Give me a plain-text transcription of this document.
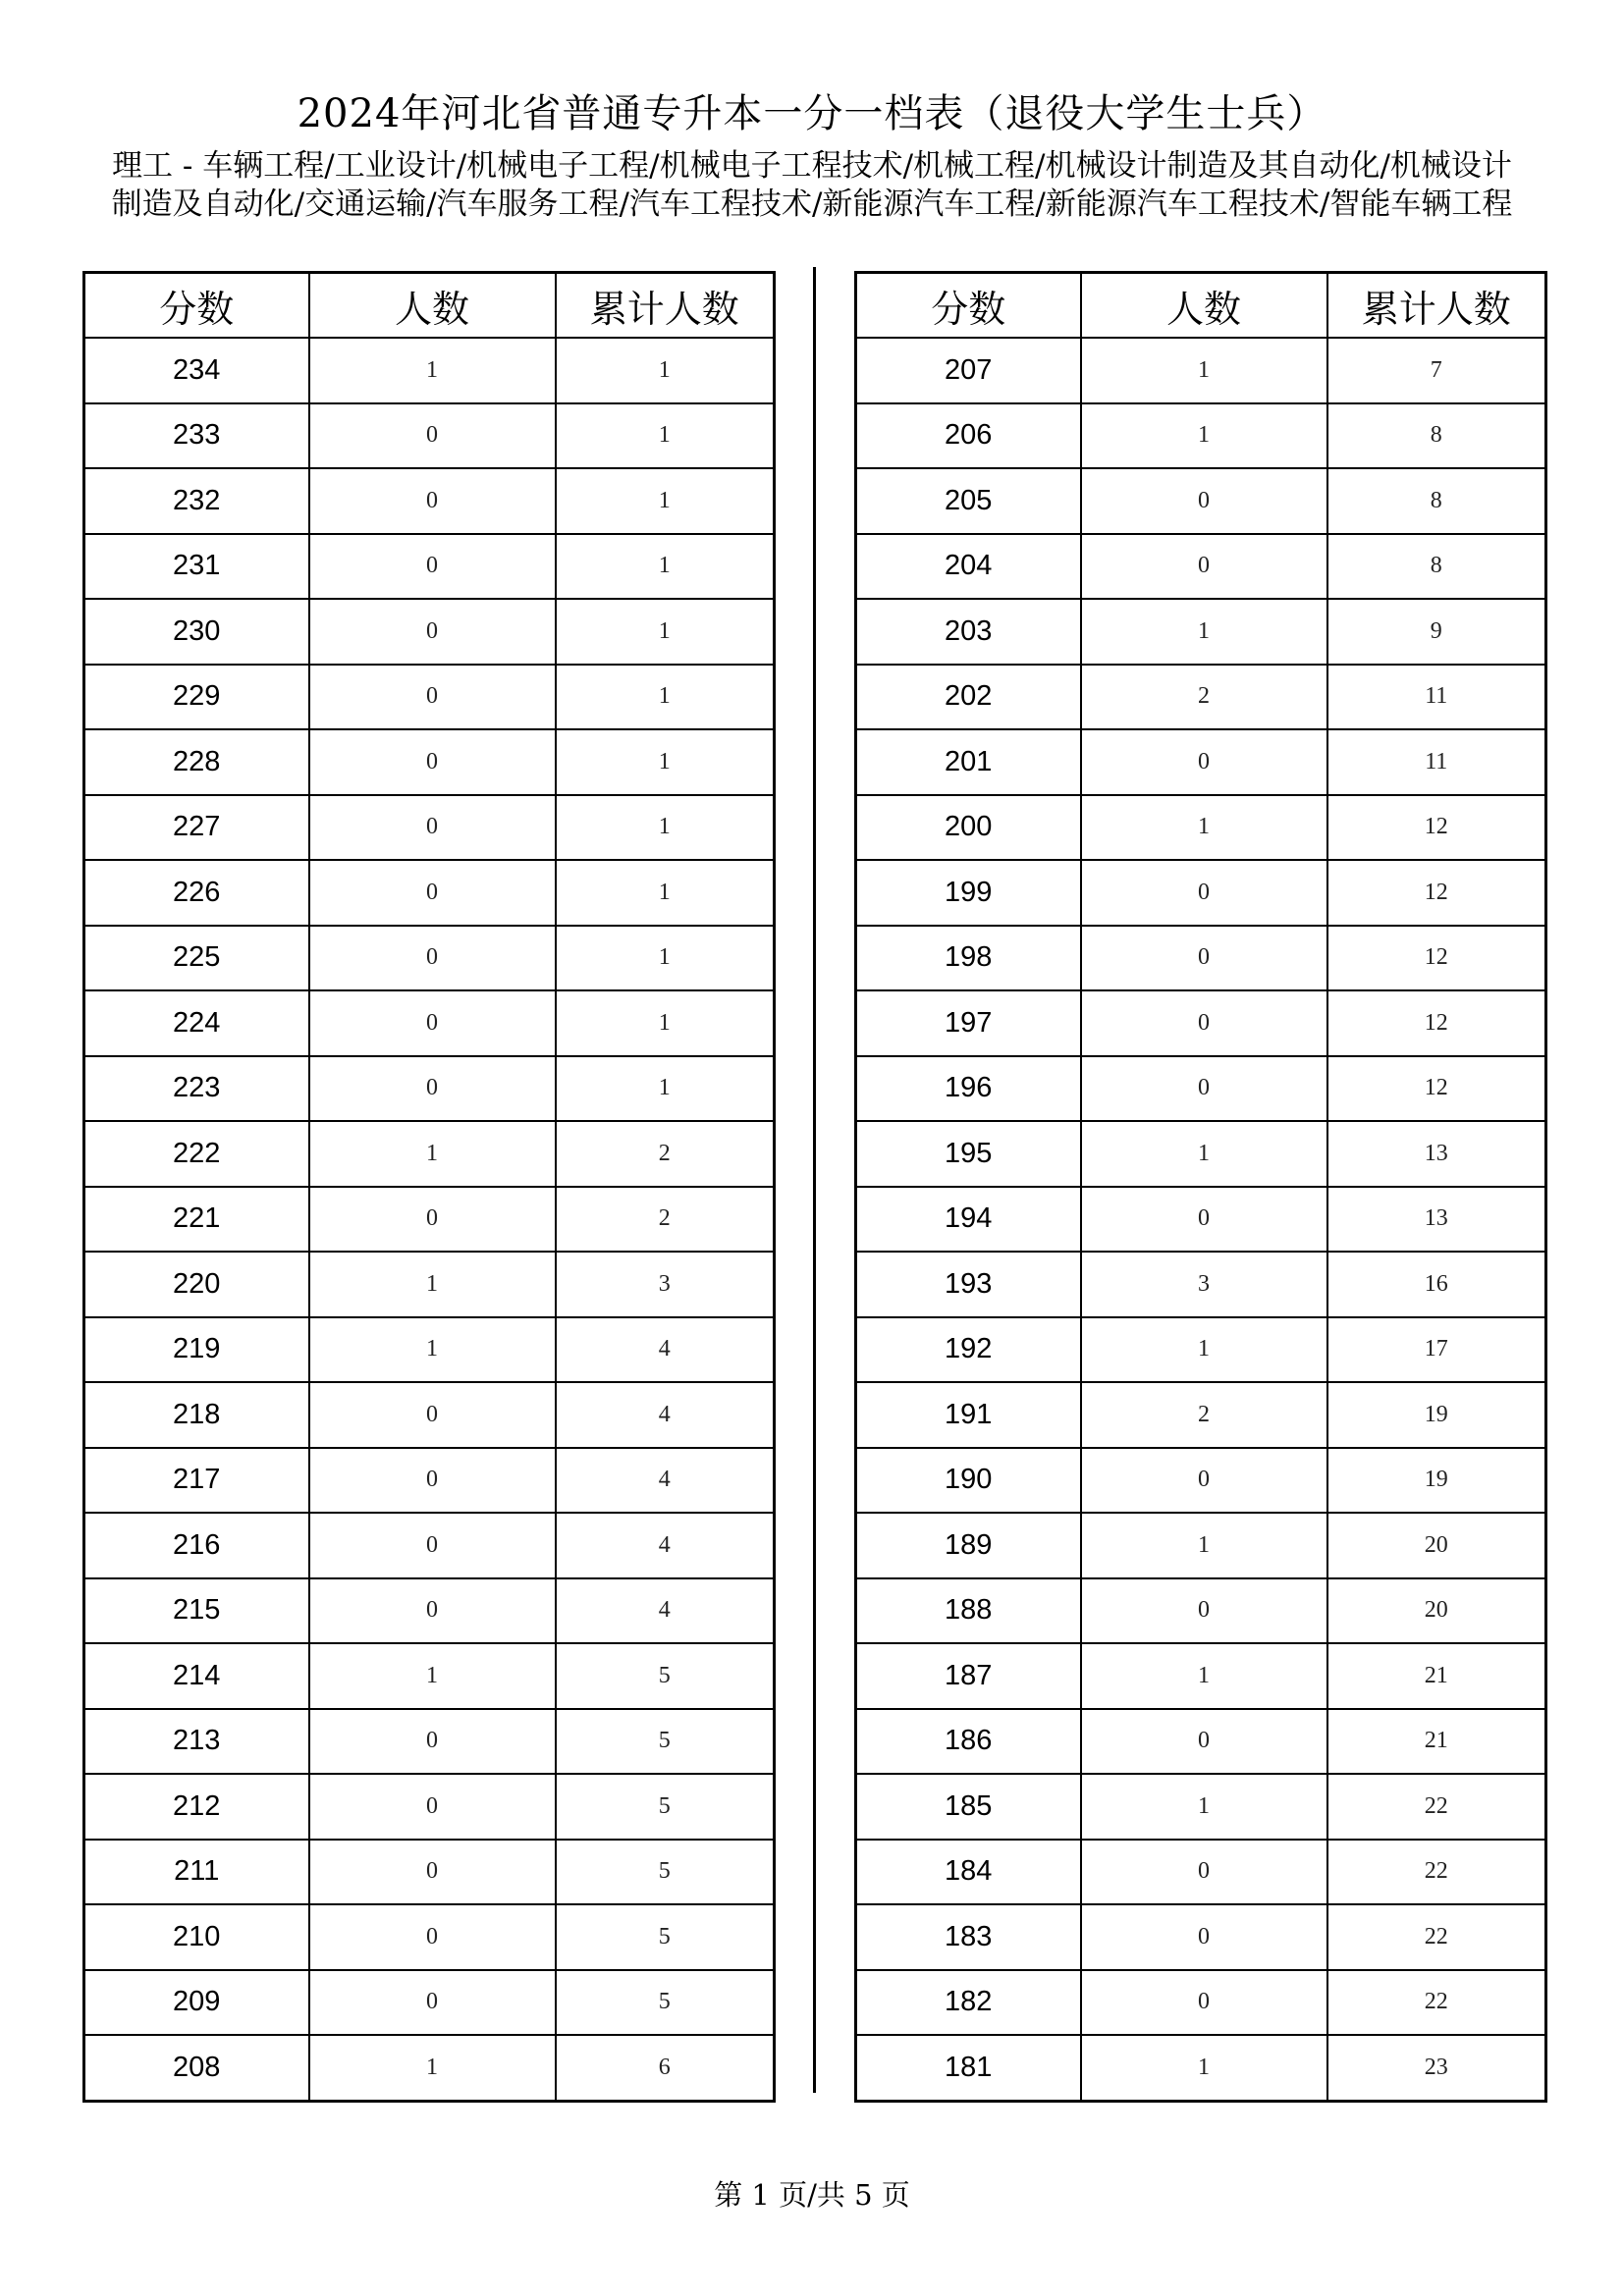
2024年河北省普通专升本一分一档表（退役大学生士兵）
理工 - 车辆工程/工业设计/机械电子工程/机械电子工程技术/机械工程/机械设计制造及其自动化/机械设计制造及自动化/交通运输/汽车服务工程/汽车工程技术/新能源汽车工程/新能源汽车工程技术/智能车辆工程
分数	人数	累计人数
234	1	1
233	0	1
232	0	1
231	0	1
230	0	1
229	0	1
228	0	1
227	0	1
226	0	1
225	0	1
224	0	1
223	0	1
222	1	2
221	0	2
220	1	3
219	1	4
218	0	4
217	0	4
216	0	4
215	0	4
214	1	5
213	0	5
212	0	5
211	0	5
210	0	5
209	0	5
208	1	6
分数	人数	累计人数
207	1	7
206	1	8
205	0	8
204	0	8
203	1	9
202	2	11
201	0	11
200	1	12
199	0	12
198	0	12
197	0	12
196	0	12
195	1	13
194	0	13
193	3	16
192	1	17
191	2	19
190	0	19
189	1	20
188	0	20
187	1	21
186	0	21
185	1	22
184	0	22
183	0	22
182	0	22
181	1	23
第 1 页/共 5 页
